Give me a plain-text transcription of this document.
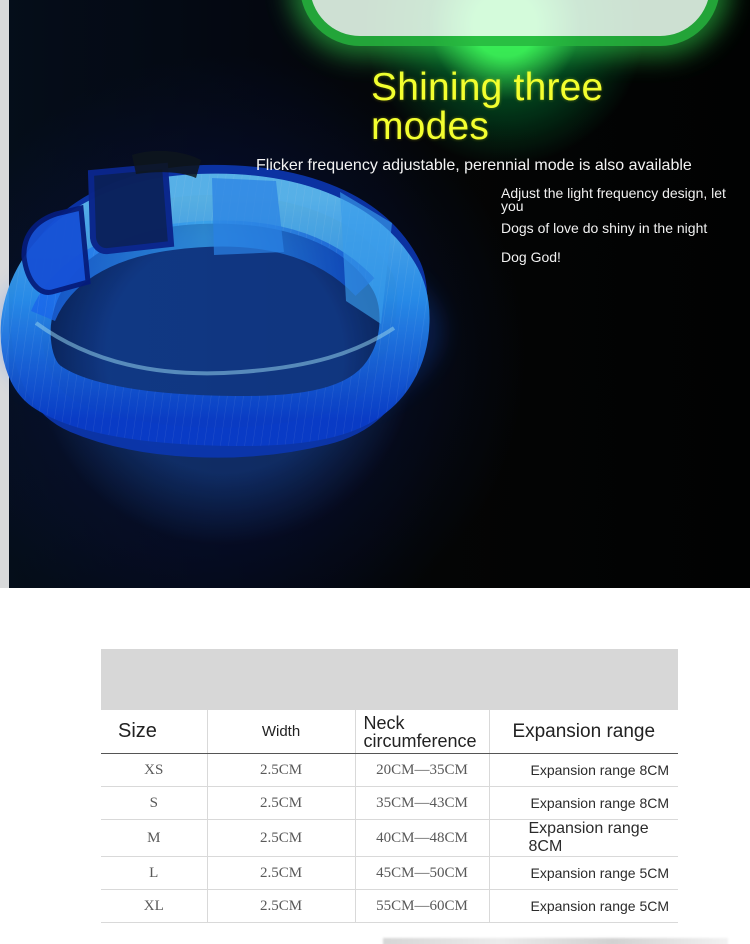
Shining three modes
Flicker frequency adjustable, perennial mode is also available
Adjust the light frequency design, let you
Dogs of love do shiny in the night
Dog God!
Size	Width	Neck circumference	Expansion range
XS	2.5CM	20CM—35CM	Expansion range 8CM
S	2.5CM	35CM—43CM	Expansion range 8CM
M	2.5CM	40CM—48CM	Expansion range 8CM
L	2.5CM	45CM—50CM	Expansion range 5CM
XL	2.5CM	55CM—60CM	Expansion range 5CM
